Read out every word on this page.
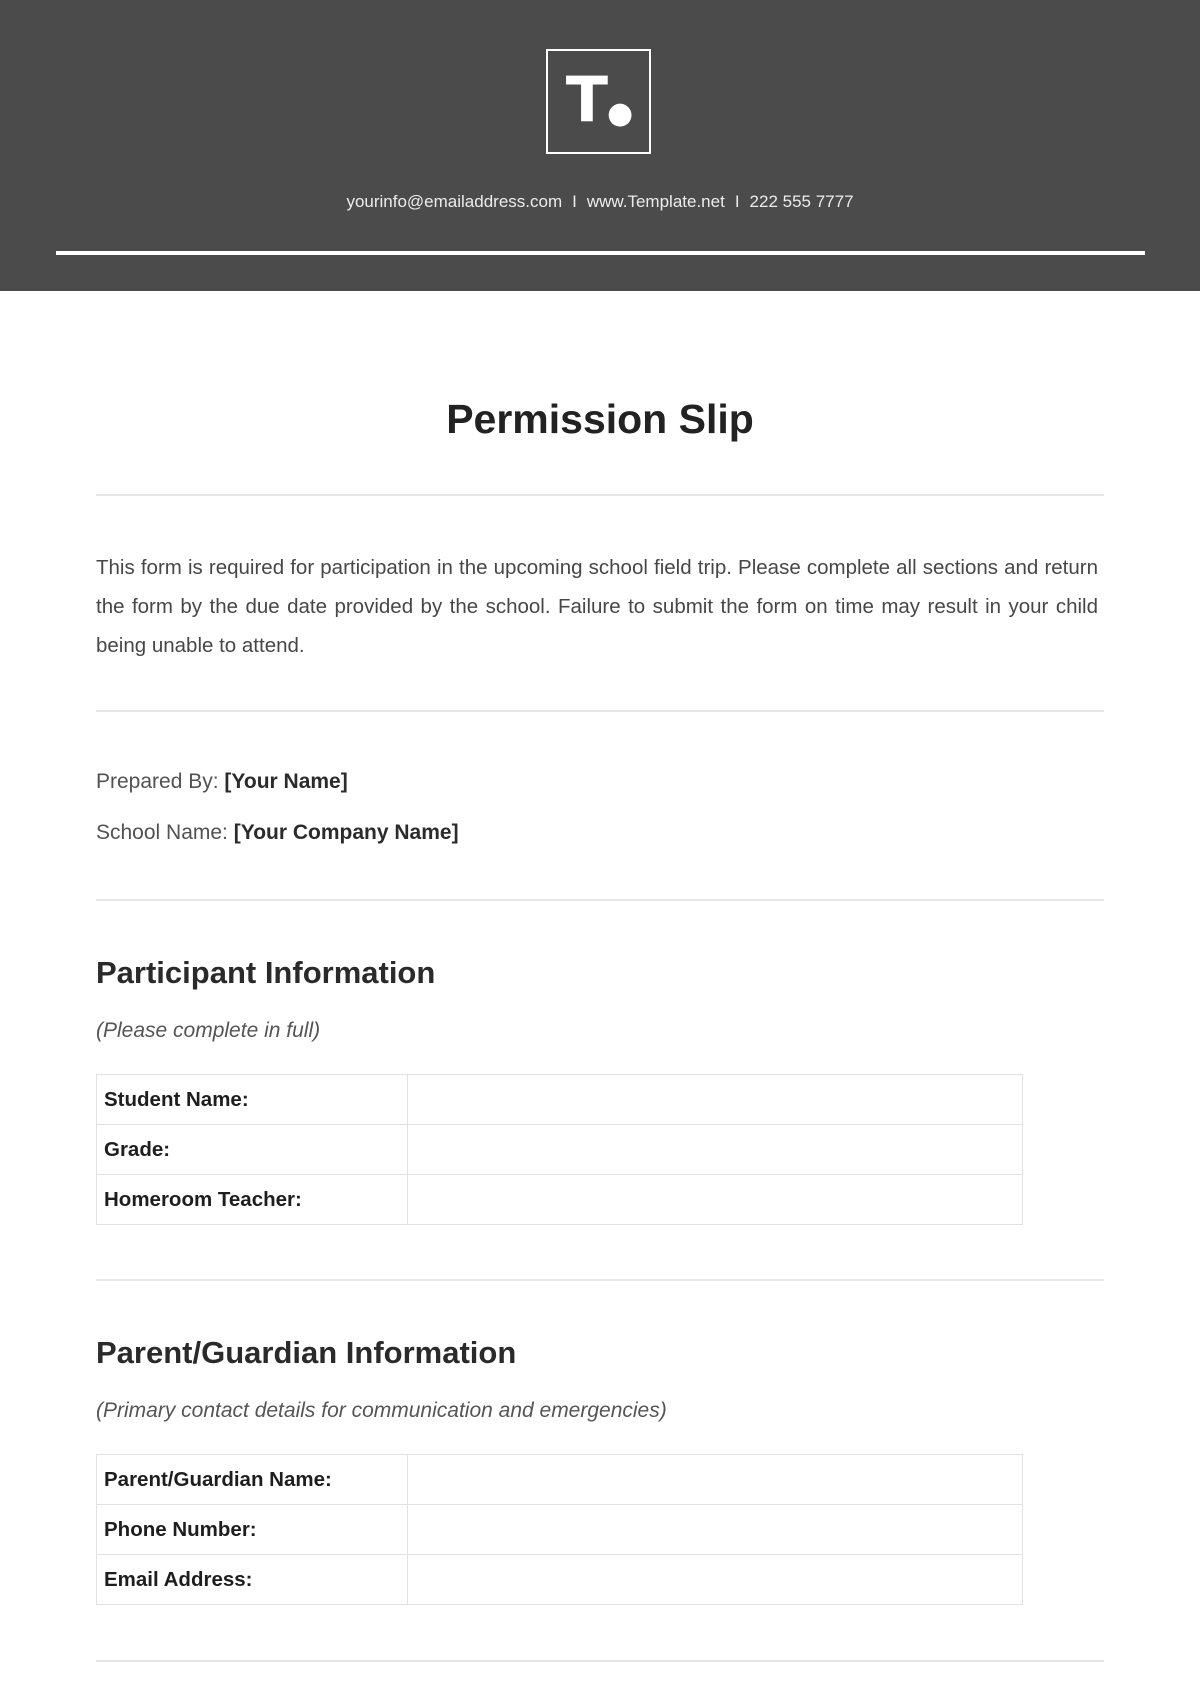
T●
yourinfo@emailaddress.com I www.Template.net I 222 555 7777
Permission Slip

This form is required for participation in the upcoming school field trip. Please complete all sections and return the form by the due date provided by the school. Failure to submit the form on time may result in your child being unable to attend.

Prepared By: [Your Name]
School Name: [Your Company Name]
Participant Information

(Please complete in full)

Student Name:	
Grade:	
Homeroom Teacher:	
Parent/Guardian Information

(Primary contact details for communication and emergencies)

Parent/Guardian Name:	
Phone Number:	
Email Address:	
